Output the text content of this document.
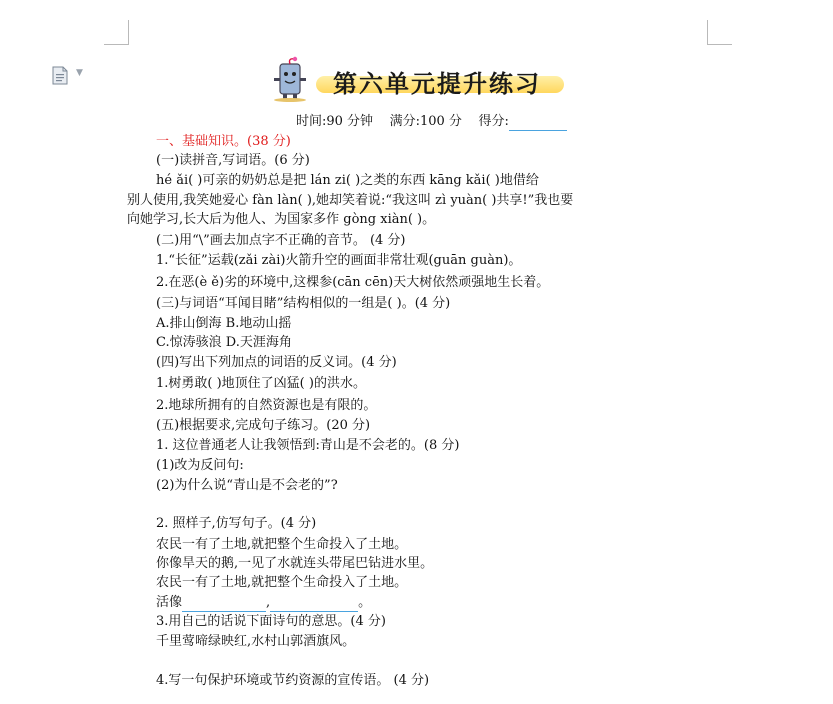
▼	第六单元提升练习
时间:90 分钟 满分:100 分 得分:
一、基础知识。(38 分)
(一)读拼音,写词语。(6 分)
hé ǎi( )可亲的奶奶总是把 lán zi( )之类的东西 kāng kǎi( )地借给
别人使用,我笑她爱心 fàn làn( ),她却笑着说:“我这叫 zì yuàn( )共享!”我也要
向她学习,长大后为他人、为国家多作 gòng xiàn( )。
(二)用“\”画去加点字不正确的音节。 (4 分)
1.“长征”运载(zǎi zài)火箭升空的画面非常壮观(guān guàn)。
2.在恶(è ě)劣的环境中,这棵参(cān cēn)天大树依然顽强地生长着。
(三)与词语“耳闻目睹”结构相似的一组是( )。(4 分)
A.排山倒海 B.地动山摇
C.惊涛骇浪 D.天涯海角
(四)写出下列加点的词语的反义词。(4 分)
1.树勇敢( )地顶住了凶猛( )的洪水。
2.地球所拥有的自然资源也是有限的。
(五)根据要求,完成句子练习。(20 分)
1. 这位普通老人让我领悟到:青山是不会老的。(8 分)
(1)改为反问句:
(2)为什么说“青山是不会老的”?
2. 照样子,仿写句子。(4 分)
农民一有了土地,就把整个生命投入了土地。
你像旱天的鹅,一见了水就连头带尾巴钻进水里。
农民一有了土地,就把整个生命投入了土地。
活像	,	。
3.用自己的话说下面诗句的意思。(4 分)
千里莺啼绿映红,水村山郭酒旗风。
4.写一句保护环境或节约资源的宣传语。 (4 分)
